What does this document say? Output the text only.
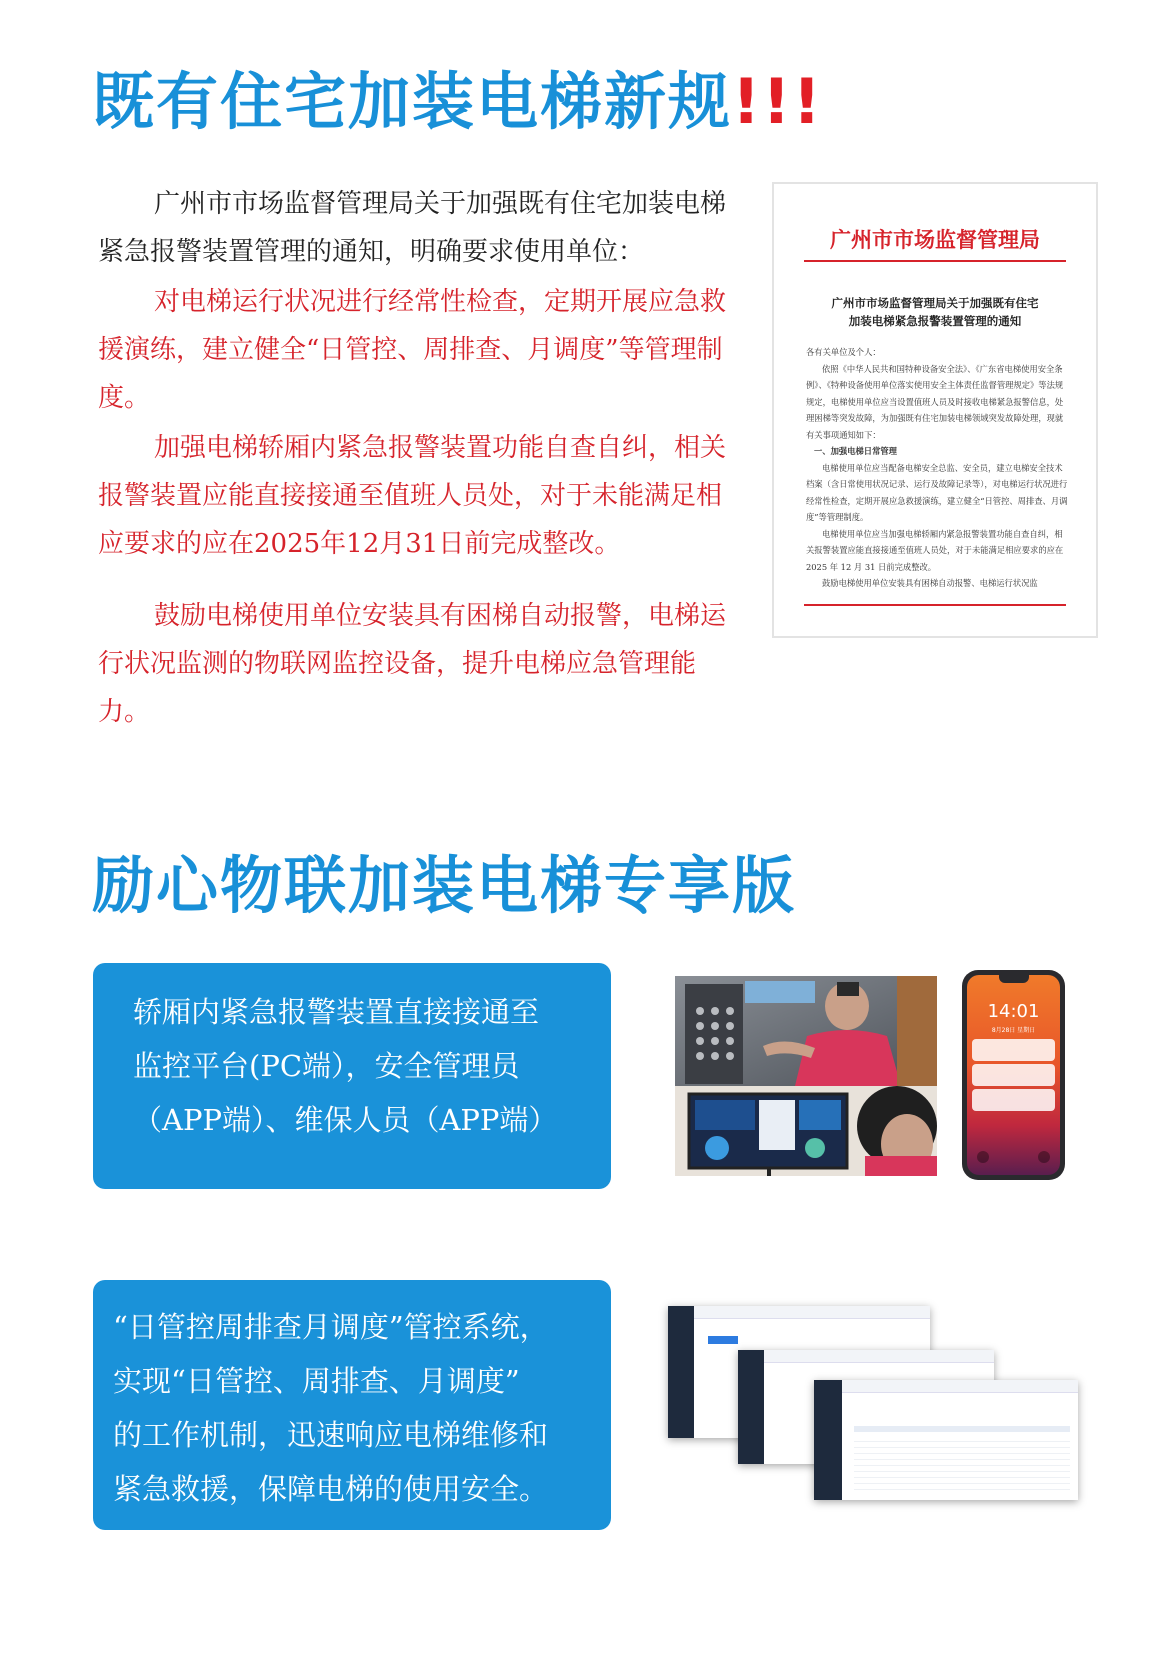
既有住宅加装电梯新规!!!

广州市市场监督管理局关于加强既有住宅加装电梯紧急报警装置管理的通知，明确要求使用单位：

对电梯运行状况进行经常性检查，定期开展应急救援演练，建立健全“日管控、周排查、月调度”等管理制度。

加强电梯轿厢内紧急报警装置功能自查自纠，相关报警装置应能直接接通至值班人员处，对于未能满足相应要求的应在2025年12月31日前完成整改。

鼓励电梯使用单位安装具有困梯自动报警，电梯运行状况监测的物联网监控设备，提升电梯应急管理能力。

广州市市场监督管理局
广州市市场监督管理局关于加强既有住宅
加装电梯紧急报警装置管理的通知

各有关单位及个人：

依照《中华人民共和国特种设备安全法》、《广东省电梯使用安全条例》、《特种设备使用单位落实使用安全主体责任监督管理规定》等法规规定，电梯使用单位应当设置值班人员及时接收电梯紧急报警信息，处理困梯等突发故障，为加强既有住宅加装电梯领域突发故障处理，现就有关事项通知如下：

一、加强电梯日常管理

电梯使用单位应当配备电梯安全总监、安全员，建立电梯安全技术档案（含日常使用状况记录、运行及故障记录等），对电梯运行状况进行经常性检查，定期开展应急救援演练，建立健全“日管控、周排查、月调度”等管理制度。

电梯使用单位应当加强电梯轿厢内紧急报警装置功能自查自纠，相关报警装置应能直接接通至值班人员处，对于未能满足相应要求的应在 2025 年 12 月 31 日前完成整改。

鼓励电梯使用单位安装具有困梯自动报警、电梯运行状况监

励心物联加装电梯专享版

轿厢内紧急报警装置直接接通至

监控平台(PC端），安全管理员

（APP端）、维保人员（APP端）

14:01
8月28日 星期日

“日管控周排查月调度”管控系统，

实现“日管控、周排查、月调度”

的工作机制，迅速响应电梯维修和

紧急救援，保障电梯的使用安全。
